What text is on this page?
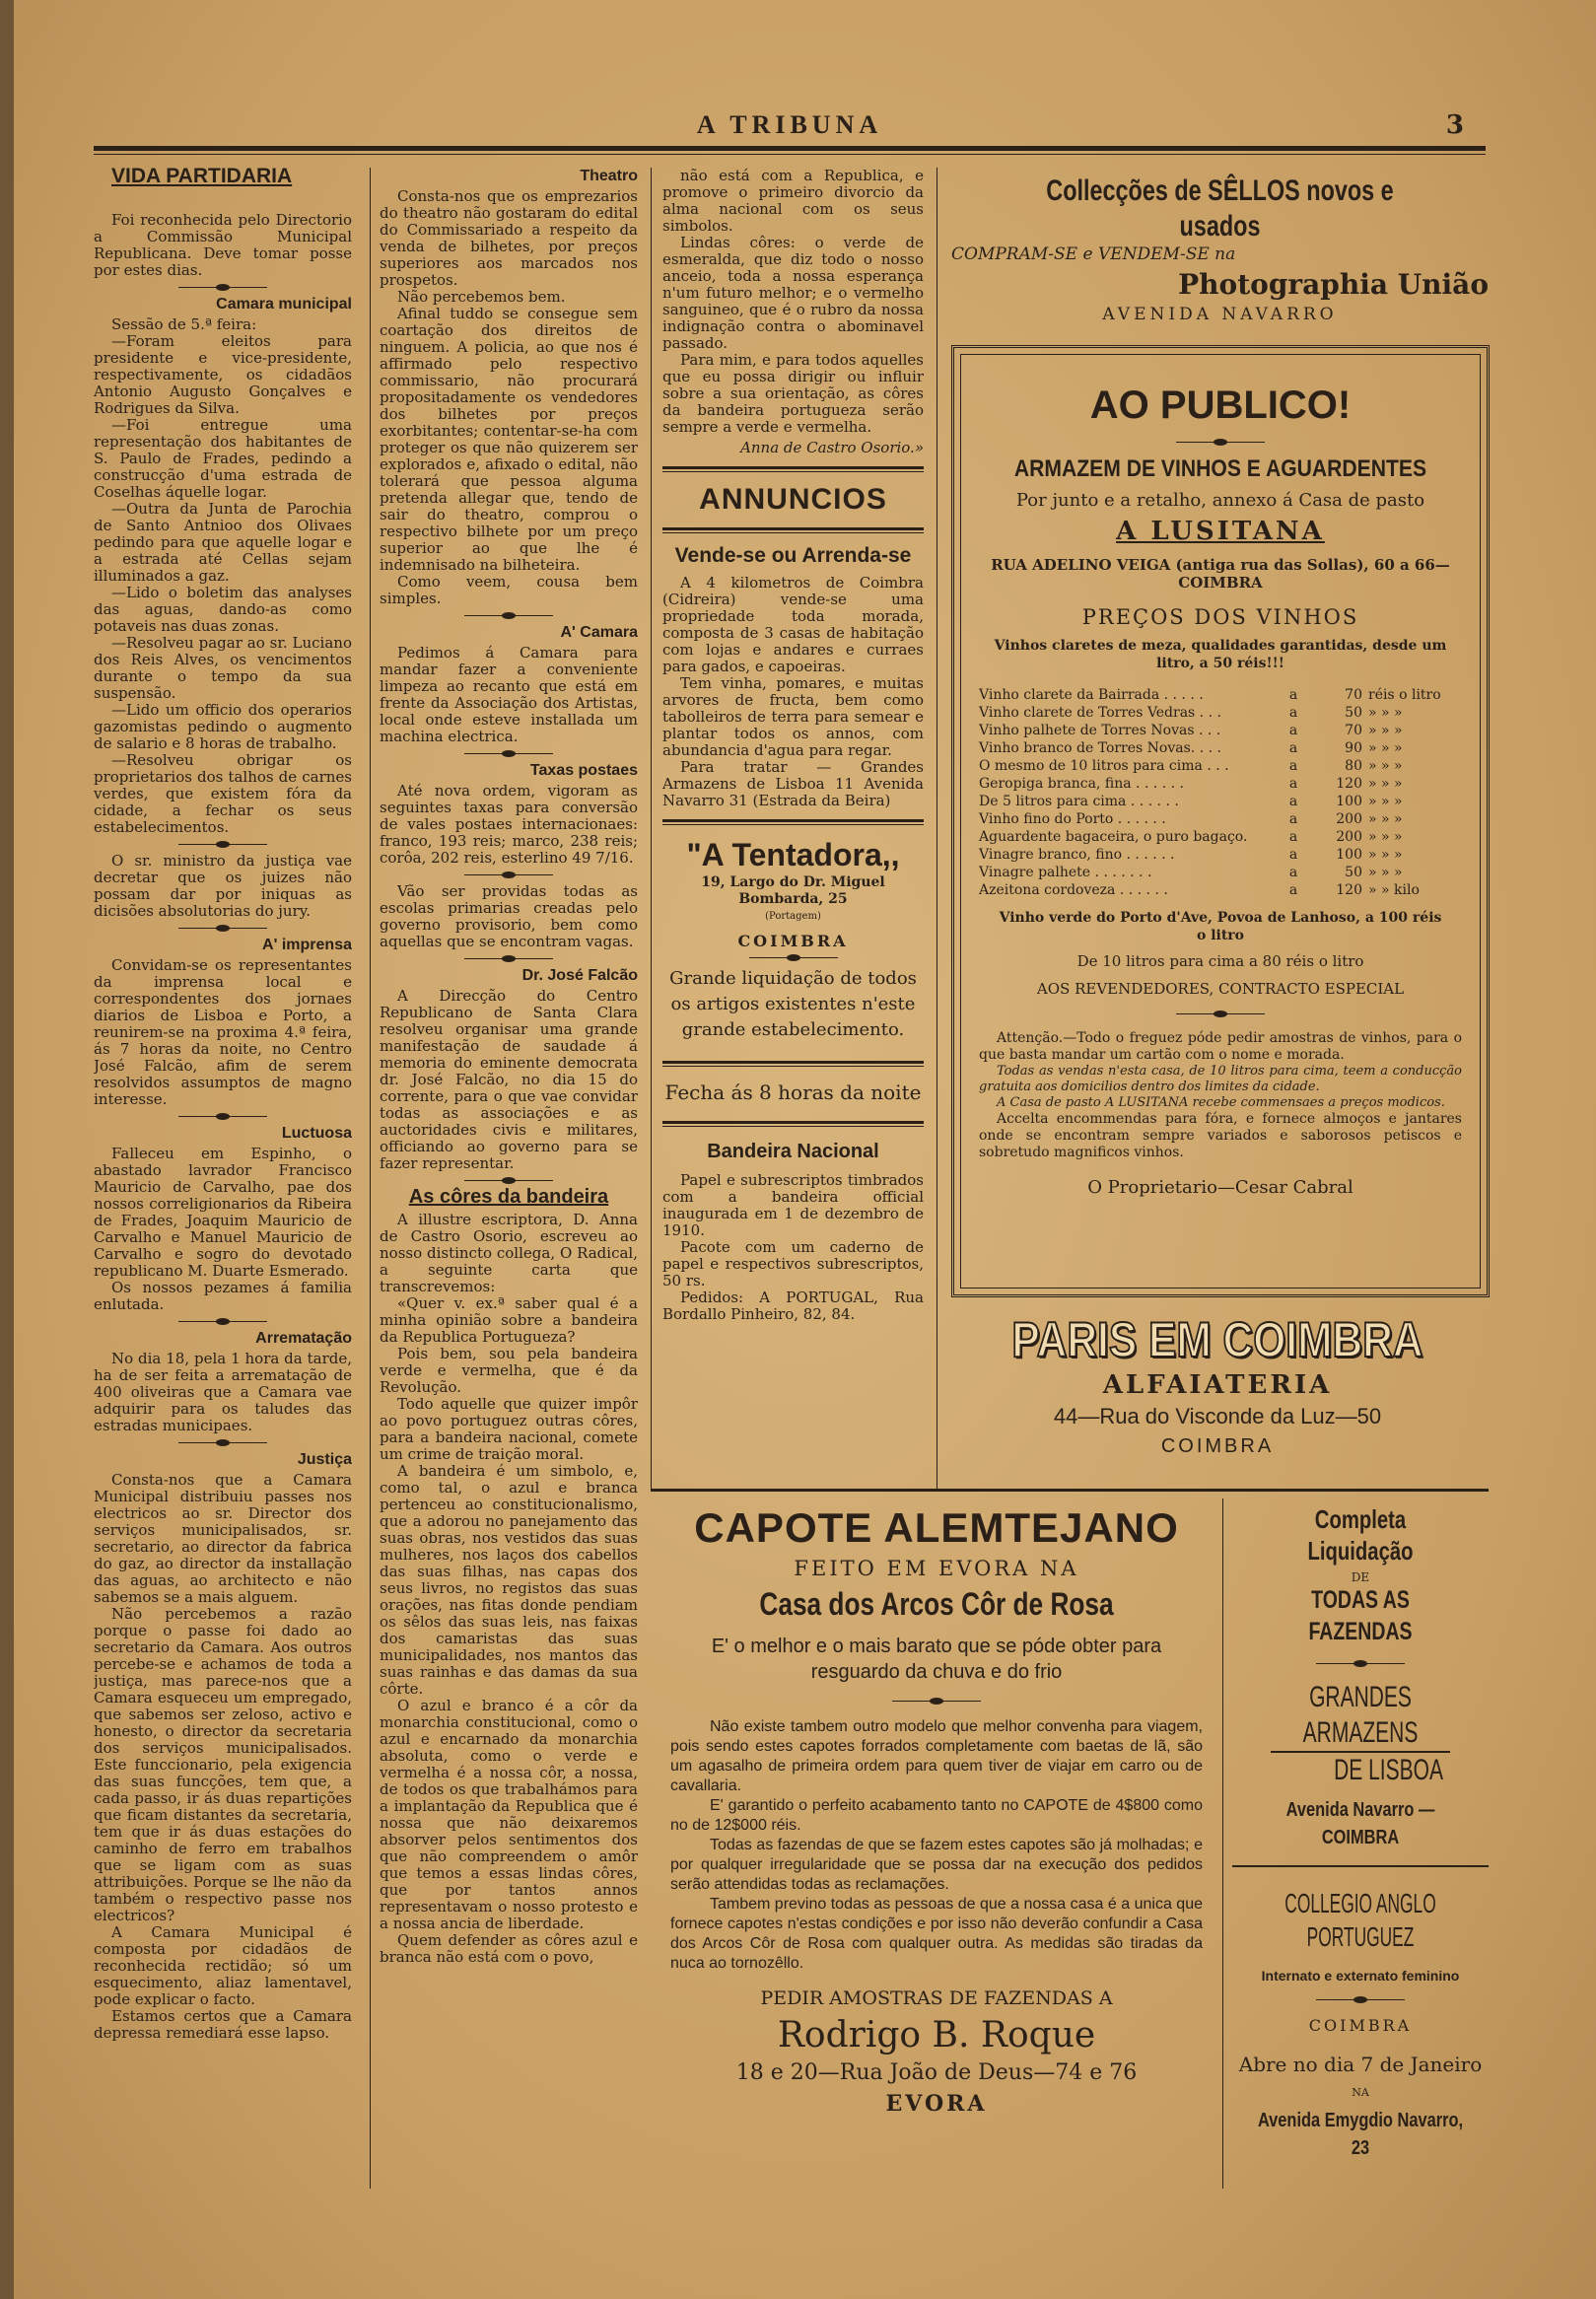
A TRIBUNA	3

VIDA PARTIDARIA

Foi reconhecida pelo Directorio a Commissão Municipal Republicana. Deve tomar posse por estes dias.

Camara municipal

Sessão de 5.ª feira:

—Foram eleitos para presidente e vice-presidente, respectivamente, os cidadãos Antonio Augusto Gonçalves e Rodrigues da Silva.

—Foi entregue uma representação dos habitantes de S. Paulo de Frades, pedindo a construcção d'uma estrada de Coselhas áquelle logar.

—Outra da Junta de Parochia de Santo Antnioo dos Olivaes pedindo para que aquelle logar e a estrada até Cellas sejam illuminados a gaz.

—Lido o boletim das analyses das aguas, dando-as como potaveis nas duas zonas.

—Resolveu pagar ao sr. Luciano dos Reis Alves, os vencimentos durante o tempo da sua suspensão.

—Lido um officio dos operarios gazomistas pedindo o augmento de salario e 8 horas de trabalho.

—Resolveu obrigar os proprietarios dos talhos de carnes verdes, que existem fóra da cidade, a fechar os seus estabelecimentos.

O sr. ministro da justiça vae decretar que os juizes não possam dar por iniquas as dicisões absolutorias do jury.

A' imprensa

Convidam-se os representantes da imprensa local e correspondentes dos jornaes diarios de Lisboa e Porto, a reunirem-se na proxima 4.ª feira, ás 7 horas da noite, no Centro José Falcão, afim de serem resolvidos assumptos de magno interesse.

Luctuosa

Falleceu em Espinho, o abastado lavrador Francisco Mauricio de Carvalho, pae dos nossos correligionarios da Ribeira de Frades, Joaquim Mauricio de Carvalho e Manuel Mauricio de Carvalho e sogro do devotado republicano M. Duarte Esmerado.

Os nossos pezames á familia enlutada.

Arrematação

No dia 18, pela 1 hora da tarde, ha de ser feita a arrematação de 400 oliveiras que a Camara vae adquirir para os taludes das estradas municipaes.

Justiça

Consta-nos que a Camara Municipal distribuiu passes nos electricos ao sr. Director dos serviços municipalisados, sr. secretario, ao director da fabrica do gaz, ao director da installação das aguas, ao architecto e não sabemos se a mais alguem.

Não percebemos a razão porque o passe foi dado ao secretario da Camara. Aos outros percebe-se e achamos de toda a justiça, mas parece-nos que a Camara esqueceu um empregado, que sabemos ser zeloso, activo e honesto, o director da secretaria dos serviços municipalisados. Este funccionario, pela exigencia das suas funcções, tem que, a cada passo, ir ás duas repartições que ficam distantes da secretaria, tem que ir ás duas estações do caminho de ferro em trabalhos que se ligam com as suas attribuições. Porque se lhe não da também o respectivo passe nos electricos?

A Camara Municipal é composta por cidadãos de reconhecida rectidão; só um esquecimento, aliaz lamentavel, pode explicar o facto.

Estamos certos que a Camara depressa remediará esse lapso.

Theatro

Consta-nos que os emprezarios do theatro não gostaram do edital do Commissariado a respeito da venda de bilhetes, por preços superiores aos marcados nos prospetos.

Não percebemos bem.

Afinal tuddo se consegue sem coartação dos direitos de ninguem. A policia, ao que nos é affirmado pelo respectivo commissario, não procurará propositadamente os vendedores dos bilhetes por preços exorbitantes; contentar-se-ha com proteger os que não quizerem ser explorados e, afixado o edital, não tolerará que pessoa alguma pretenda allegar que, tendo de sair do theatro, comprou o respectivo bilhete por um preço superior ao que lhe é indemnisado na bilheteira.

Como veem, cousa bem simples.

A' Camara

Pedimos á Camara para mandar fazer a conveniente limpeza ao recanto que está em frente da Associação dos Artistas, local onde esteve installada um machina electrica.

Taxas postaes

Até nova ordem, vigoram as seguintes taxas para conversão de vales postaes internacionaes: franco, 193 reis; marco, 238 reis; corôa, 202 reis, esterlino 49 7/16.

Vão ser providas todas as escolas primarias creadas pelo governo provisorio, bem como aquellas que se encontram vagas.

Dr. José Falcão

A Direcção do Centro Republicano de Santa Clara resolveu organisar uma grande manifestação de saudade á memoria do eminente democrata dr. José Falcão, no dia 15 do corrente, para o que vae convidar todas as associações e as auctoridades civis e militares, officiando ao governo para se fazer representar.

As côres da bandeira

A illustre escriptora, D. Anna de Castro Osorio, escreveu ao nosso distincto collega, O Radical, a seguinte carta que transcrevemos:

«Quer v. ex.ª saber qual é a minha opinião sobre a bandeira da Republica Portugueza?

Pois bem, sou pela bandeira verde e vermelha, que é da Revolução.

Todo aquelle que quizer impôr ao povo portuguez outras côres, para a bandeira nacional, comete um crime de traição moral.

A bandeira é um simbolo, e, como tal, o azul e branca pertenceu ao constitucionalismo, que a adorou no panejamento das suas obras, nos vestidos das suas mulheres, nos laços dos cabellos das suas filhas, nas capas dos seus livros, no registos das suas orações, nas fitas donde pendiam os sêlos das suas leis, nas faixas dos camaristas das suas municipalidades, nos mantos das suas rainhas e das damas da sua côrte.

O azul e branco é a côr da monarchia constitucional, como o azul e encarnado da monarchia absoluta, como o verde e vermelha é a nossa côr, a nossa, de todos os que trabalhámos para a implantação da Republica que é nossa que não deixaremos absorver pelos sentimentos dos que não compreendem o amôr que temos a essas lindas côres, que por tantos annos representavam o nosso protesto e a nossa ancia de liberdade.

Quem defender as côres azul e branca não está com o povo,

não está com a Republica, e promove o primeiro divorcio da alma nacional com os seus simbolos.

Lindas côres: o verde de esmeralda, que diz todo o nosso anceio, toda a nossa esperança n'um futuro melhor; e o vermelho sanguineo, que é o rubro da nossa indignação contra o abominavel passado.

Para mim, e para todos aquelles que eu possa dirigir ou influir sobre a sua orientação, as côres da bandeira portugueza serão sempre a verde e vermelha.

Anna de Castro Osorio.»
ANNUNCIOS
Vende-se ou Arrenda-se

A 4 kilometros de Coimbra (Cidreira) vende-se uma propriedade toda morada, composta de 3 casas de habitação com lojas e andares e curraes para gados, e capoeiras.

Tem vinha, pomares, e muitas arvores de fructa, bem como tabolleiros de terra para semear e plantar todos os annos, com abundancia d'agua para regar.

Para tratar — Grandes Armazens de Lisboa 11 Avenida Navarro 31 (Estrada da Beira)

"A Tentadora,,
19, Largo do Dr. Miguel Bombarda, 25
(Portagem)
COIMBRA
Grande liquidação de todos os artigos existentes n'este grande estabelecimento.
Fecha ás 8 horas da noite
Bandeira Nacional

Papel e subrescriptos timbrados com a bandeira official inaugurada em 1 de dezembro de 1910.

Pacote com um caderno de papel e respectivos subrescriptos, 50 rs.

Pedidos: A PORTUGAL, Rua Bordallo Pinheiro, 82, 84.

Collecções de SÊLLOS novos e usados
COMPRAM-SE e VENDEM-SE na
Photographia União
AVENIDA NAVARRO
AO PUBLICO!
ARMAZEM DE VINHOS E AGUARDENTES
Por junto e a retalho, annexo á Casa de pasto
A LUSITANA
RUA ADELINO VEIGA (antiga rua das Sollas), 60 a 66—COIMBRA
PREÇOS DOS VINHOS
Vinhos claretes de meza, qualidades garantidas, desde um litro, a 50 réis!!!
Vinho clarete da Bairrada . . . . .	a	70 réis o litro
Vinho clarete de Torres Vedras . . .	a	50 » » »
Vinho palhete de Torres Novas . . .	a	70 » » »
Vinho branco de Torres Novas. . . .	a	90 » » »
O mesmo de 10 litros para cima . . .	a	80 » » »
Geropiga branca, fina . . . . . .	a	120 » » »
De 5 litros para cima . . . . . .	a	100 » » »
Vinho fino do Porto . . . . . .	a	200 » » »
Aguardente bagaceira, o puro bagaço.	a	200 » » »
Vinagre branco, fino . . . . . .	a	100 » » »
Vinagre palhete . . . . . . .	a	50 » » »
Azeitona cordoveza . . . . . .	a	120 » » kilo
Vinho verde do Porto d'Ave, Povoa de Lanhoso, a 100 réis o litro
De 10 litros para cima a 80 réis o litro
AOS REVENDEDORES, CONTRACTO ESPECIAL
Attenção.—Todo o freguez póde pedir amostras de vinhos, para o que basta mandar um cartão com o nome e morada.
Todas as vendas n'esta casa, de 10 litros para cima, teem a conducção gratuita aos domicilios dentro dos limites da cidade.
A Casa de pasto A LUSITANA recebe commensaes a preços modicos.
Accelta encommendas para fóra, e fornece almoços e jantares onde se encontram sempre variados e saborosos petiscos e sobretudo magnificos vinhos.
O Proprietario—Cesar Cabral
PARIS EM COIMBRA
ALFAIATERIA
44—Rua do Visconde da Luz—50
COIMBRA
CAPOTE ALEMTEJANO
FEITO EM EVORA NA
Casa dos Arcos Côr de Rosa
E' o melhor e o mais barato que se póde obter para resguardo da chuva e do frio
Não existe tambem outro modelo que melhor convenha para viagem, pois sendo estes capotes forrados completamente com baetas de lã, são um agasalho de primeira ordem para quem tiver de viajar em carro ou de cavallaria.
E' garantido o perfeito acabamento tanto no CAPOTE de 4$800 como no de 12$000 réis.
Todas as fazendas de que se fazem estes capotes são já molhadas; e por qualquer irregularidade que se possa dar na execução dos pedidos serão attendidas todas as reclamações.
Tambem previno todas as pessoas de que a nossa casa é a unica que fornece capotes n'estas condições e por isso não deverão confundir a Casa dos Arcos Côr de Rosa com qualquer outra. As medidas são tiradas da nuca ao tornozêllo.
PEDIR AMOSTRAS DE FAZENDAS A
Rodrigo B. Roque
18 e 20—Rua João de Deus—74 e 76
EVORA
Completa Liquidação
DE
TODAS AS FAZENDAS
GRANDES ARMAZENS
DE LISBOA
Avenida Navarro — COIMBRA
COLLEGIO ANGLO PORTUGUEZ
Internato e externato feminino
COIMBRA
Abre no dia 7 de Janeiro
NA
Avenida Emygdio Navarro, 23
